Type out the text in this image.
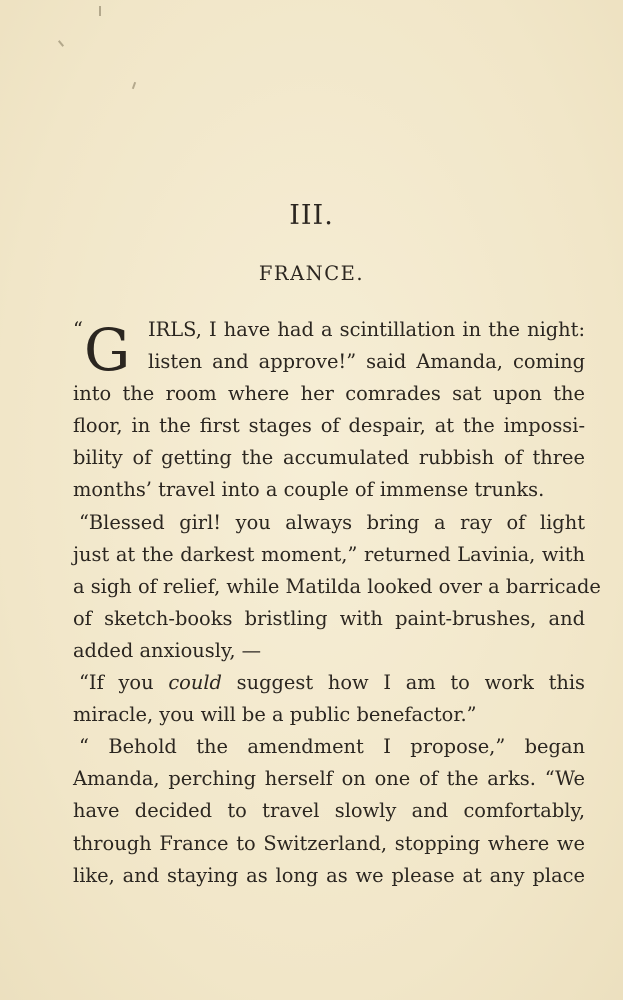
III.
FRANCE.
“ G IRLS, I have had a scintillation in the night:
listen and approve!” said Amanda, coming
into the room where her comrades sat upon the
floor, in the first stages of despair, at the impossi-
bility of getting the accumulated rubbish of three
months’ travel into a couple of immense trunks.
“Blessed girl! you always bring a ray of light
just at the darkest moment,” returned Lavinia, with
a sigh of relief, while Matilda looked over a barricade
of sketch-books bristling with paint-brushes, and
added anxiously, —
“If you could suggest how I am to work this
miracle, you will be a public benefactor.”
“ Behold the amendment I propose,” began
Amanda, perching herself on one of the arks. “We
have decided to travel slowly and comfortably,
through France to Switzerland, stopping where we
like, and staying as long as we please at any place
